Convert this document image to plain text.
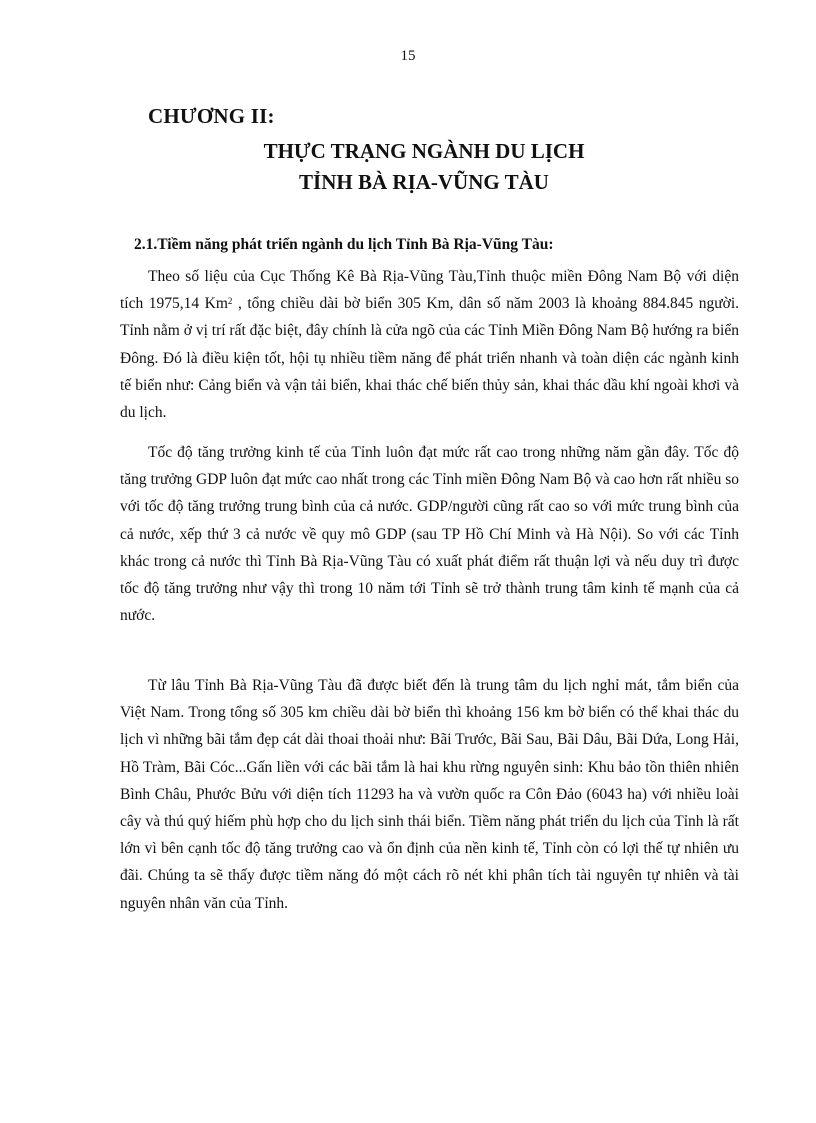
15
CHƯƠNG II:
THỰC TRẠNG NGÀNH DU LỊCH
TỈNH BÀ RỊA-VŨNG TÀU
2.1.Tiềm năng phát triển ngành du lịch Tỉnh Bà Rịa-Vũng Tàu:

Theo số liệu của Cục Thống Kê Bà Rịa-Vũng Tàu,Tỉnh thuộc miền Đông Nam Bộ với diện tích 1975,14 Km$^2$ , tổng chiều dài bờ biển 305 Km, dân số năm 2003 là khoảng 884.845 người. Tỉnh nằm ở vị trí rất đặc biệt, đây chính là cửa ngõ của các Tỉnh Miền Đông Nam Bộ hướng ra biển Đông. Đó là điều kiện tốt, hội tụ nhiều tiềm năng để phát triển nhanh và toàn diện các ngành kinh tế biển như: Cảng biển và vận tải biển, khai thác chế biến thủy sản, khai thác dầu khí ngoài khơi và du lịch.

Tốc độ tăng trưởng kinh tế của Tỉnh luôn đạt mức rất cao trong những năm gần đây. Tốc độ tăng trưởng GDP luôn đạt mức cao nhất trong các Tỉnh miền Đông Nam Bộ và cao hơn rất nhiều so với tốc độ tăng trưởng trung bình của cả nước. GDP/người cũng rất cao so với mức trung bình của cả nước, xếp thứ 3 cả nước về quy mô GDP (sau TP Hồ Chí Minh và Hà Nội). So với các Tỉnh khác trong cả nước thì Tỉnh Bà Rịa-Vũng Tàu có xuất phát điểm rất thuận lợi và nếu duy trì được tốc độ tăng trưởng như vậy thì trong 10 năm tới Tỉnh sẽ trở thành trung tâm kinh tế mạnh của cả nước.

Từ lâu Tỉnh Bà Rịa-Vũng Tàu đã được biết đến là trung tâm du lịch nghỉ mát, tắm biển của Việt Nam. Trong tổng số 305 km chiều dài bờ biển thì khoảng 156 km bờ biển có thể khai thác du lịch vì những bãi tắm đẹp cát dài thoai thoải như: Bãi Trước, Bãi Sau, Bãi Dâu, Bãi Dứa, Long Hải, Hồ Tràm, Bãi Cóc...Gấn liền với các bãi tắm là hai khu rừng nguyên sinh: Khu bảo tồn thiên nhiên Bình Châu, Phước Bửu với diện tích 11293 ha và vườn quốc ra Côn Đảo (6043 ha) với nhiều loài cây và thú quý hiếm phù hợp cho du lịch sinh thái biển. Tiềm năng phát triển du lịch của Tỉnh là rất lớn vì bên cạnh tốc độ tăng trưởng cao và ổn định của nền kinh tế, Tỉnh còn có lợi thế tự nhiên ưu đãi. Chúng ta sẽ thấy được tiềm năng đó một cách rõ nét khi phân tích tài nguyên tự nhiên và tài nguyên nhân văn của Tỉnh.
